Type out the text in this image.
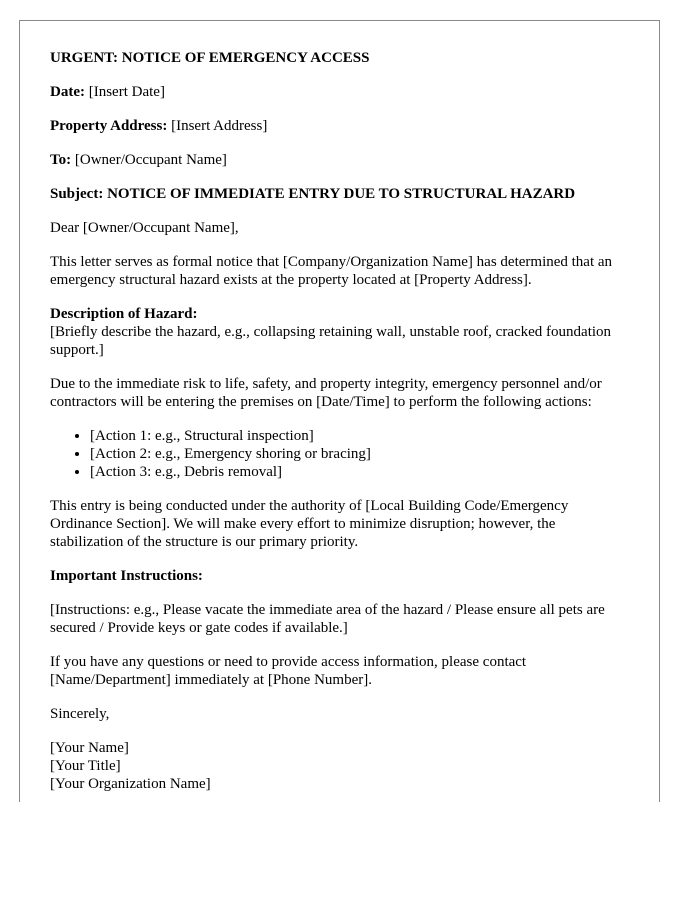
URGENT: NOTICE OF EMERGENCY ACCESS

Date: [Insert Date]

Property Address: [Insert Address]

To: [Owner/Occupant Name]

Subject: NOTICE OF IMMEDIATE ENTRY DUE TO STRUCTURAL HAZARD

Dear [Owner/Occupant Name],

This letter serves as formal notice that [Company/Organization Name] has determined that an emergency structural hazard exists at the property located at [Property Address].

Description of Hazard:
[Briefly describe the hazard, e.g., collapsing retaining wall, unstable roof, cracked foundation support.]

Due to the immediate risk to life, safety, and property integrity, emergency personnel and/or contractors will be entering the premises on [Date/Time] to perform the following actions:

• [Action 1: e.g., Structural inspection]
• [Action 2: e.g., Emergency shoring or bracing]
• [Action 3: e.g., Debris removal]

This entry is being conducted under the authority of [Local Building Code/Emergency Ordinance Section]. We will make every effort to minimize disruption; however, the stabilization of the structure is our primary priority.

Important Instructions:

[Instructions: e.g., Please vacate the immediate area of the hazard / Please ensure all pets are secured / Provide keys or gate codes if available.]

If you have any questions or need to provide access information, please contact [Name/Department] immediately at [Phone Number].

Sincerely,

[Your Name]
[Your Title]
[Your Organization Name]
